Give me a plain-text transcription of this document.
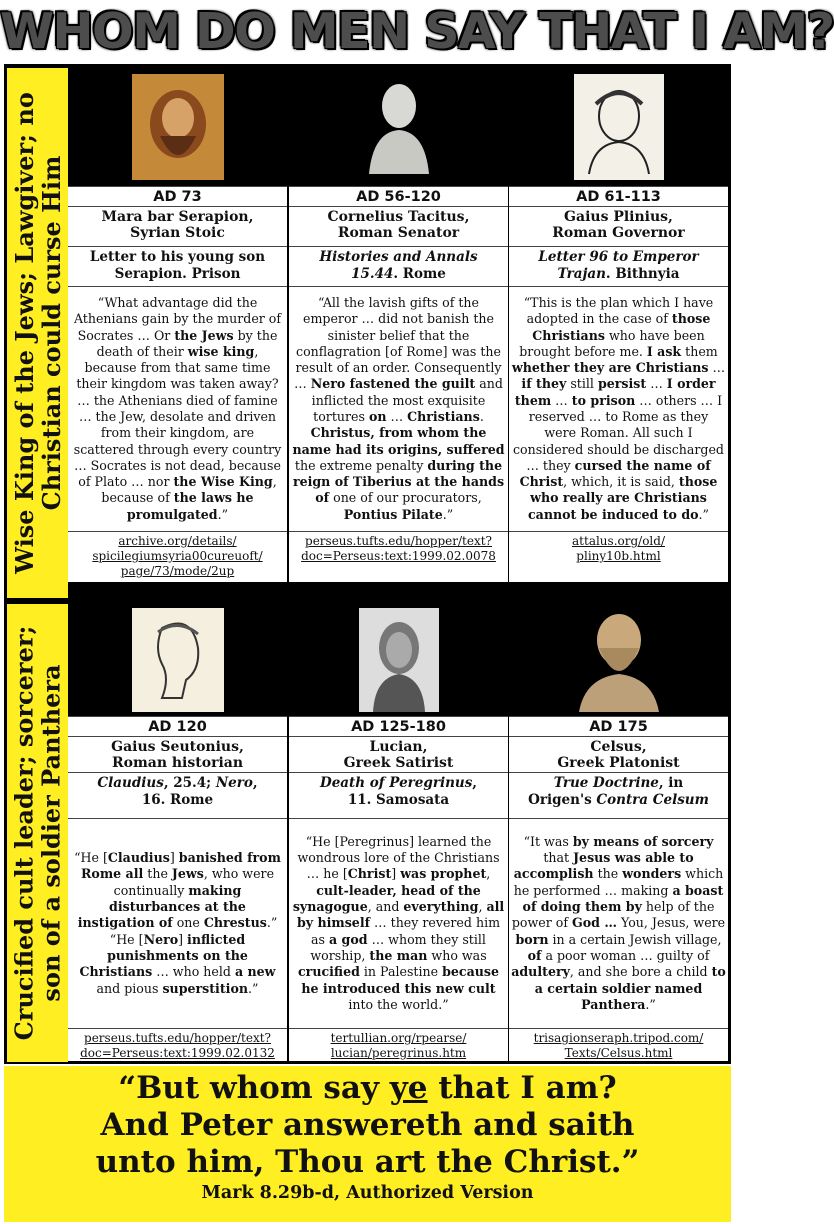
WHOM DO MEN SAY THAT I AM?
Wise King of the Jews; Lawgiver; no
Christian could curse Him
Crucified cult leader; sorcerer;
son of a soldier Panthera
AD 73
Mara bar Serapion,
Syrian Stoic
Letter to his young son
Serapion. Prison
“What advantage did the Athenians gain by the murder of Socrates … Or the Jews by the death of their wise king, because from that same time their kingdom was taken away? … the Athenians died of famine … the Jew, desolate and driven from their kingdom, are scattered through every country … Socrates is not dead, because of Plato … nor the Wise King, because of the laws he promulgated.”
archive.org/details/
spicilegiumsyria00cureuoft/
page/73/mode/2up
AD 56-120
Cornelius Tacitus,
Roman Senator
Histories and Annals
15.44. Rome
“All the lavish gifts of the emperor … did not banish the sinister belief that the conflagration [of Rome] was the result of an order. Consequently … Nero fastened the guilt and inflicted the most exquisite tortures on … Christians. Christus, from whom the name had its origins, suffered the extreme penalty during the reign of Tiberius at the hands of one of our procurators, Pontius Pilate.”
perseus.tufts.edu/hopper/text?
doc=Perseus:text:1999.02.0078
AD 61-113
Gaius Plinius,
Roman Governor
Letter 96 to Emperor
Trajan. Bithnyia
“This is the plan which I have adopted in the case of those Christians who have been brought before me. I ask them whether they are Christians … if they still persist … I order them … to prison … others … I reserved … to Rome as they were Roman. All such I considered should be discharged … they cursed the name of Christ, which, it is said, those who really are Christians cannot be induced to do.”
attalus.org/old/
pliny10b.html
AD 120
Gaius Seutonius,
Roman historian
Claudius, 25.4; Nero,
16. Rome
“He [Claudius] banished from Rome all the Jews, who were continually making disturbances at the instigation of one Chrestus.”
“He [Nero] inflicted punishments on the Christians … who held a new and pious superstition.”
perseus.tufts.edu/hopper/text?
doc=Perseus:text:1999.02.0132
AD 125-180
Lucian,
Greek Satirist
Death of Peregrinus,
11. Samosata
“He [Peregrinus] learned the wondrous lore of the Christians … he [Christ] was prophet, cult-leader, head of the synagogue, and everything, all by himself … they revered him as a god … whom they still worship, the man who was crucified in Palestine because he introduced this new cult into the world.”
tertullian.org/rpearse/
lucian/peregrinus.htm
AD 175
Celsus,
Greek Platonist
True Doctrine, in
Origen's Contra Celsum
“It was by means of sorcery that Jesus was able to accomplish the wonders which he performed … making a boast of doing them by help of the power of God … You, Jesus, were born in a certain Jewish village, of a poor woman … guilty of adultery, and she bore a child to a certain soldier named Panthera.”
trisagionseraph.tripod.com/
Texts/Celsus.html
“But whom say ye that I am?
And Peter answereth and saith
unto him, Thou art the Christ.”
Mark 8.29b-d, Authorized Version
